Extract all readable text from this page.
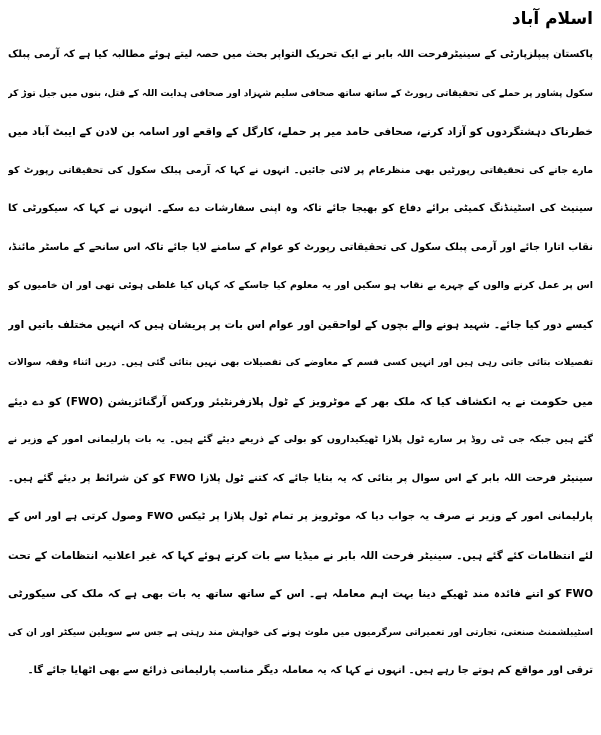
اسلام آباد
پاکستان پیپلزپارٹی کے سینیٹرفرحت اللہ بابر نے ایک تحریک التواپر بحث میں حصہ لیتے ہوئے مطالبہ کیا ہے کہ آرمی پبلک
سکول پشاور پر حملے کی تحقیقاتی رپورٹ کے ساتھ ساتھ صحافی سلیم شہزاد اور صحافی ہدایت اللہ کے قتل، بنوں میں جیل توڑ کر
خطرناک دہشتگردوں کو آزاد کرنے، صحافی حامد میر پر حملے، کارگل کے واقعے اور اسامہ بن لادن کے ایبٹ آباد میں
مارے جانے کی تحقیقاتی رپورٹیں بھی منظرعام پر لائی جائیں۔ انہوں نے کہا کہ آرمی پبلک سکول کی تحقیقاتی رپورٹ کو
سینیٹ کی اسٹینڈنگ کمیٹی برائے دفاع کو بھیجا جائے تاکہ وہ اپنی سفارشات دے سکے۔ انہوں نے کہا کہ سیکورٹی کا
نقاب اتارا جائے اور آرمی پبلک سکول کی تحقیقاتی رپورٹ کو عوام کے سامنے لایا جائے تاکہ اس سانحے کے ماسٹر مائنڈ،
اس پر عمل کرنے والوں کے چہرے بے نقاب ہو سکیں اور یہ معلوم کیا جاسکے کہ کہاں کیا غلطی ہوئی تھی اور ان خامیوں کو
کیسے دور کیا جائے۔ شہید ہونے والے بچوں کے لواحقین اور عوام اس بات پر پریشان ہیں کہ انہیں مختلف باتیں اور
تفصیلات بتائی جاتی رہی ہیں اور انہیں کسی قسم کے معاوضے کی تفصیلات بھی نہیں بتائی گئی ہیں۔ دریں اثناء وقفہ سوالات
میں حکومت نے یہ انکشاف کیا کہ ملک بھر کے موٹرویز کے ٹول پلازفرنٹیئر ورکس آرگنائزیشن (FWO) کو دے دیئے
گئے ہیں جبکہ جی ٹی روڈ پر سارے ٹول پلازا ٹھیکیداروں کو بولی کے ذریعے دیئے گئے ہیں۔ یہ بات پارلیمانی امور کے وزیر نے
سینیٹر فرحت اللہ بابر کے اس سوال پر بتائی کہ یہ بتایا جائے کہ کتنے ٹول پلازا FWO کو کن شرائط پر دیئے گئے ہیں۔
پارلیمانی امور کے وزیر نے صرف یہ جواب دیا کہ موٹرویز پر تمام ٹول پلازا پر ٹیکس FWO وصول کرتی ہے اور اس کے
لئے انتظامات کئے گئے ہیں۔ سینیٹر فرحت اللہ بابر نے میڈیا سے بات کرتے ہوئے کہا کہ غیر اعلانیہ انتظامات کے تحت
FWO کو اتنے فائدہ مند ٹھیکے دینا بہت اہم معاملہ ہے۔ اس کے ساتھ ساتھ یہ بات بھی ہے کہ ملک کی سیکورٹی
اسٹیبلشمنٹ صنعتی، تجارتی اور تعمیراتی سرگرمیوں میں ملوث ہونے کی خواہش مند رہتی ہے جس سے سویلین سیکٹر اور ان کی
ترقی اور مواقع کم ہوتے جا رہے ہیں۔ انہوں نے کہا کہ یہ معاملہ دیگر مناسب پارلیمانی ذرائع سے بھی اٹھایا جائے گا۔
